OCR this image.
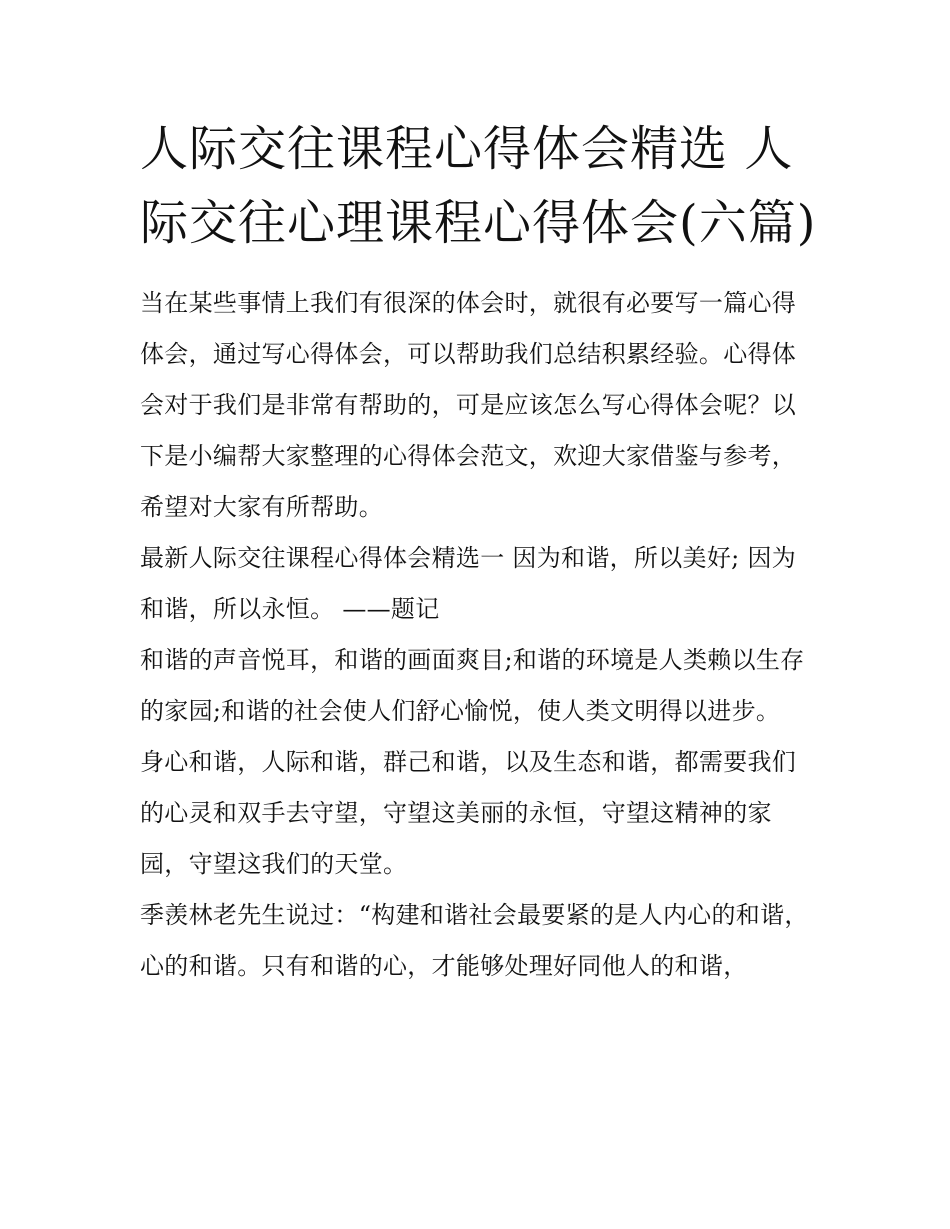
人际交往课程心得体会精选 人际交往心理课程心得体会(六篇)

当在某些事情上我们有很深的体会时，就很有必要写一篇心得体会，通过写心得体会，可以帮助我们总结积累经验。心得体会对于我们是非常有帮助的，可是应该怎么写心得体会呢？以下是小编帮大家整理的心得体会范文，欢迎大家借鉴与参考，希望对大家有所帮助。

最新人际交往课程心得体会精选一 因为和谐，所以美好; 因为和谐，所以永恒。 ——题记

和谐的声音悦耳，和谐的画面爽目;和谐的环境是人类赖以生存的家园;和谐的社会使人们舒心愉悦，使人类文明得以进步。

身心和谐，人际和谐，群己和谐，以及生态和谐，都需要我们的心灵和双手去守望，守望这美丽的永恒，守望这精神的家园，守望这我们的天堂。

季羡林老先生说过：“构建和谐社会最要紧的是人内心的和谐，心的和谐。只有和谐的心，才能够处理好同他人的和谐，
